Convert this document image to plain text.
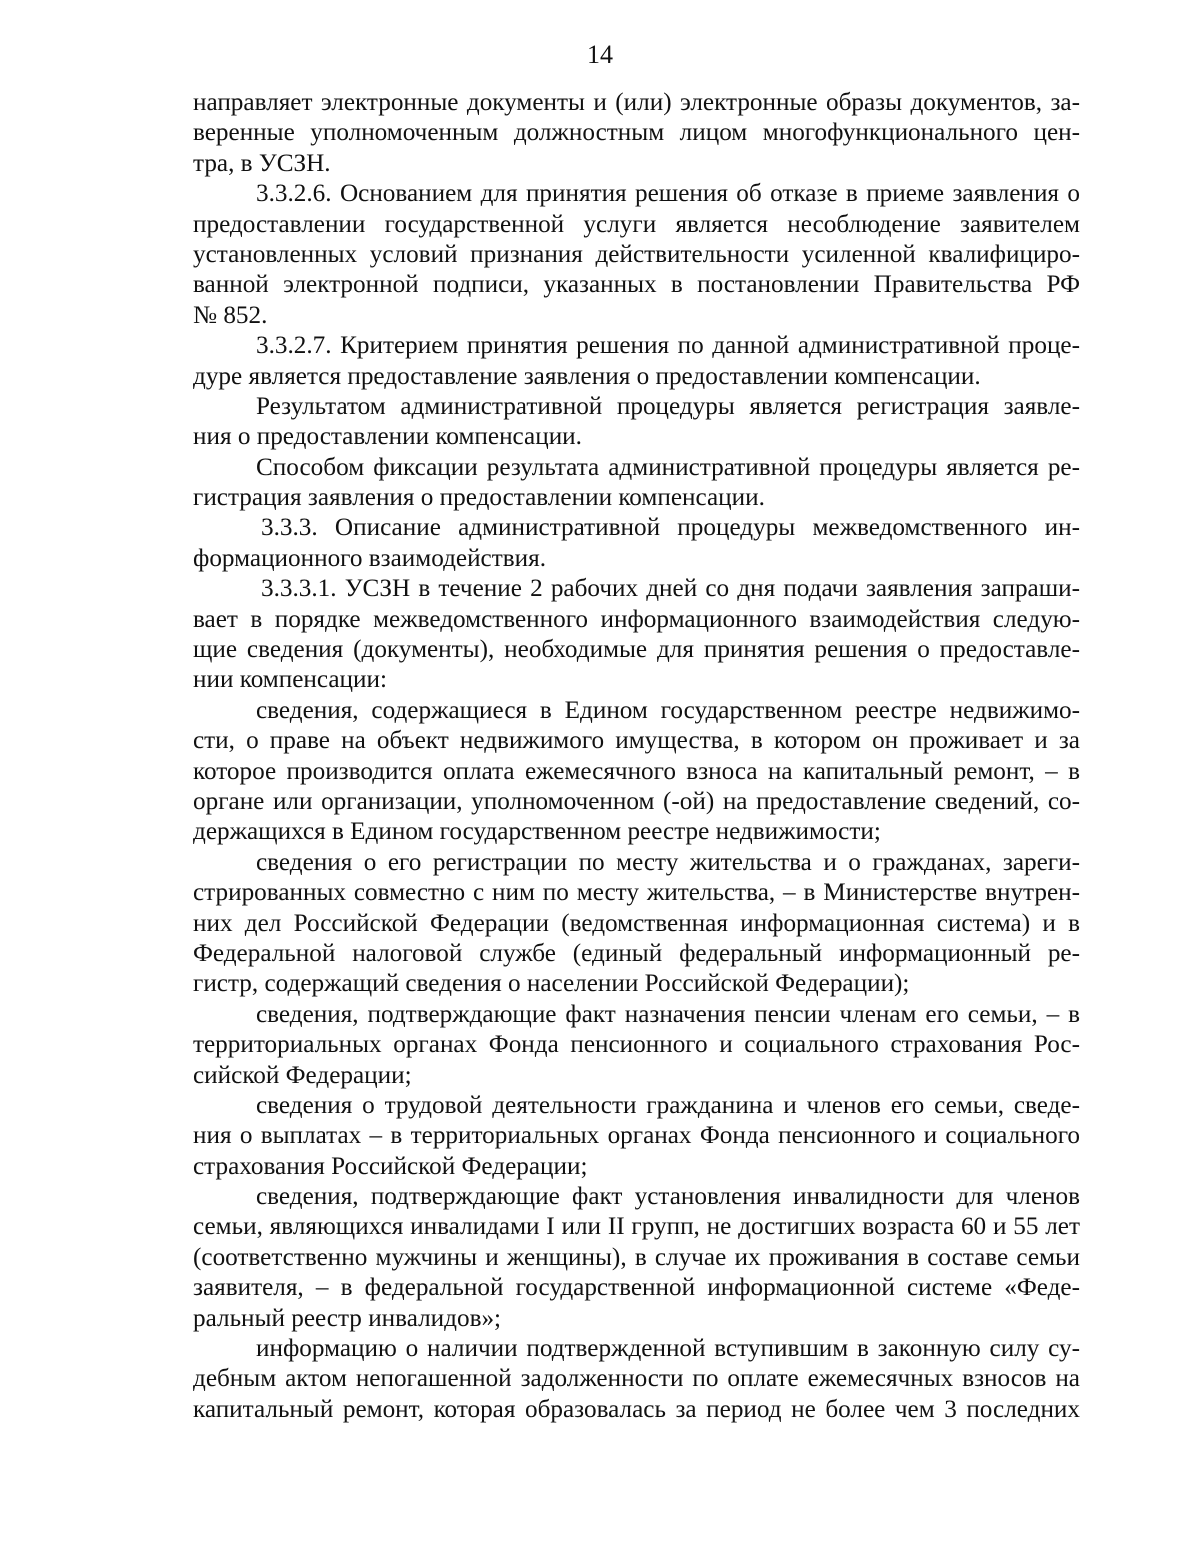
14
направляет электронные документы и (или) электронные образы документов, за-
веренные уполномоченным должностным лицом многофункционального цен-
тра, в УСЗН.
3.3.2.6. Основанием для принятия решения об отказе в приеме заявления о
предоставлении государственной услуги является несоблюдение заявителем
установленных условий признания действительности усиленной квалифициро-
ванной электронной подписи, указанных в постановлении Правительства РФ
№ 852.
3.3.2.7. Критерием принятия решения по данной административной проце-
дуре является предоставление заявления о предоставлении компенсации.
Результатом административной процедуры является регистрация заявле-
ния о предоставлении компенсации.
Способом фиксации результата административной процедуры является ре-
гистрация заявления о предоставлении компенсации.
3.3.3. Описание административной процедуры межведомственного ин-
формационного взаимодействия.
3.3.3.1. УСЗН в течение 2 рабочих дней со дня подачи заявления запраши-
вает в порядке межведомственного информационного взаимодействия следую-
щие сведения (документы), необходимые для принятия решения о предоставле-
нии компенсации:
сведения, содержащиеся в Едином государственном реестре недвижимо-
сти, о праве на объект недвижимого имущества, в котором он проживает и за
которое производится оплата ежемесячного взноса на капитальный ремонт, – в
органе или организации, уполномоченном (-ой) на предоставление сведений, со-
держащихся в Едином государственном реестре недвижимости;
сведения о его регистрации по месту жительства и о гражданах, зареги-
стрированных совместно с ним по месту жительства, – в Министерстве внутрен-
них дел Российской Федерации (ведомственная информационная система) и в
Федеральной налоговой службе (единый федеральный информационный ре-
гистр, содержащий сведения о населении Российской Федерации);
сведения, подтверждающие факт назначения пенсии членам его семьи, – в
территориальных органах Фонда пенсионного и социального страхования Рос-
сийской Федерации;
сведения о трудовой деятельности гражданина и членов его семьи, сведе-
ния о выплатах – в территориальных органах Фонда пенсионного и социального
страхования Российской Федерации;
сведения, подтверждающие факт установления инвалидности для членов
семьи, являющихся инвалидами I или II групп, не достигших возраста 60 и 55 лет
(соответственно мужчины и женщины), в случае их проживания в составе семьи
заявителя, – в федеральной государственной информационной системе «Феде-
ральный реестр инвалидов»;
информацию о наличии подтвержденной вступившим в законную силу су-
дебным актом непогашенной задолженности по оплате ежемесячных взносов на
капитальный ремонт, которая образовалась за период не более чем 3 последних
